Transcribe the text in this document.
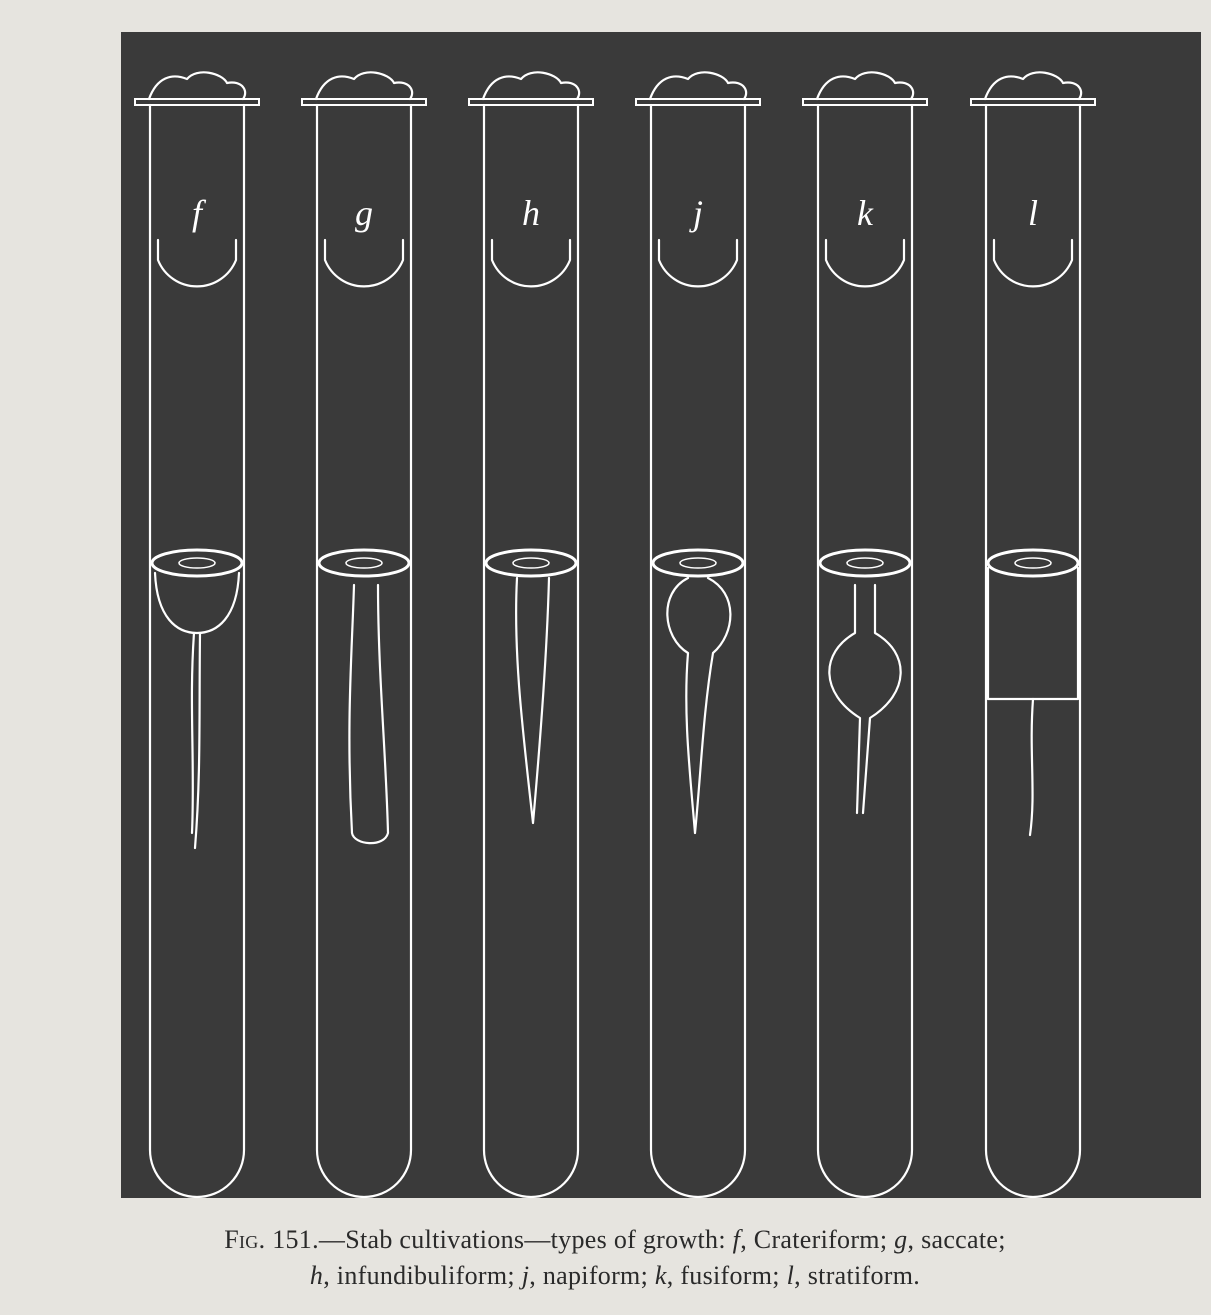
f	g	h	j	k	l
Fig. 151.—Stab cultivations—types of growth: f, Crateriform; g, saccate;
h, infundibuliform; j, napiform; k, fusiform; l, stratiform.
